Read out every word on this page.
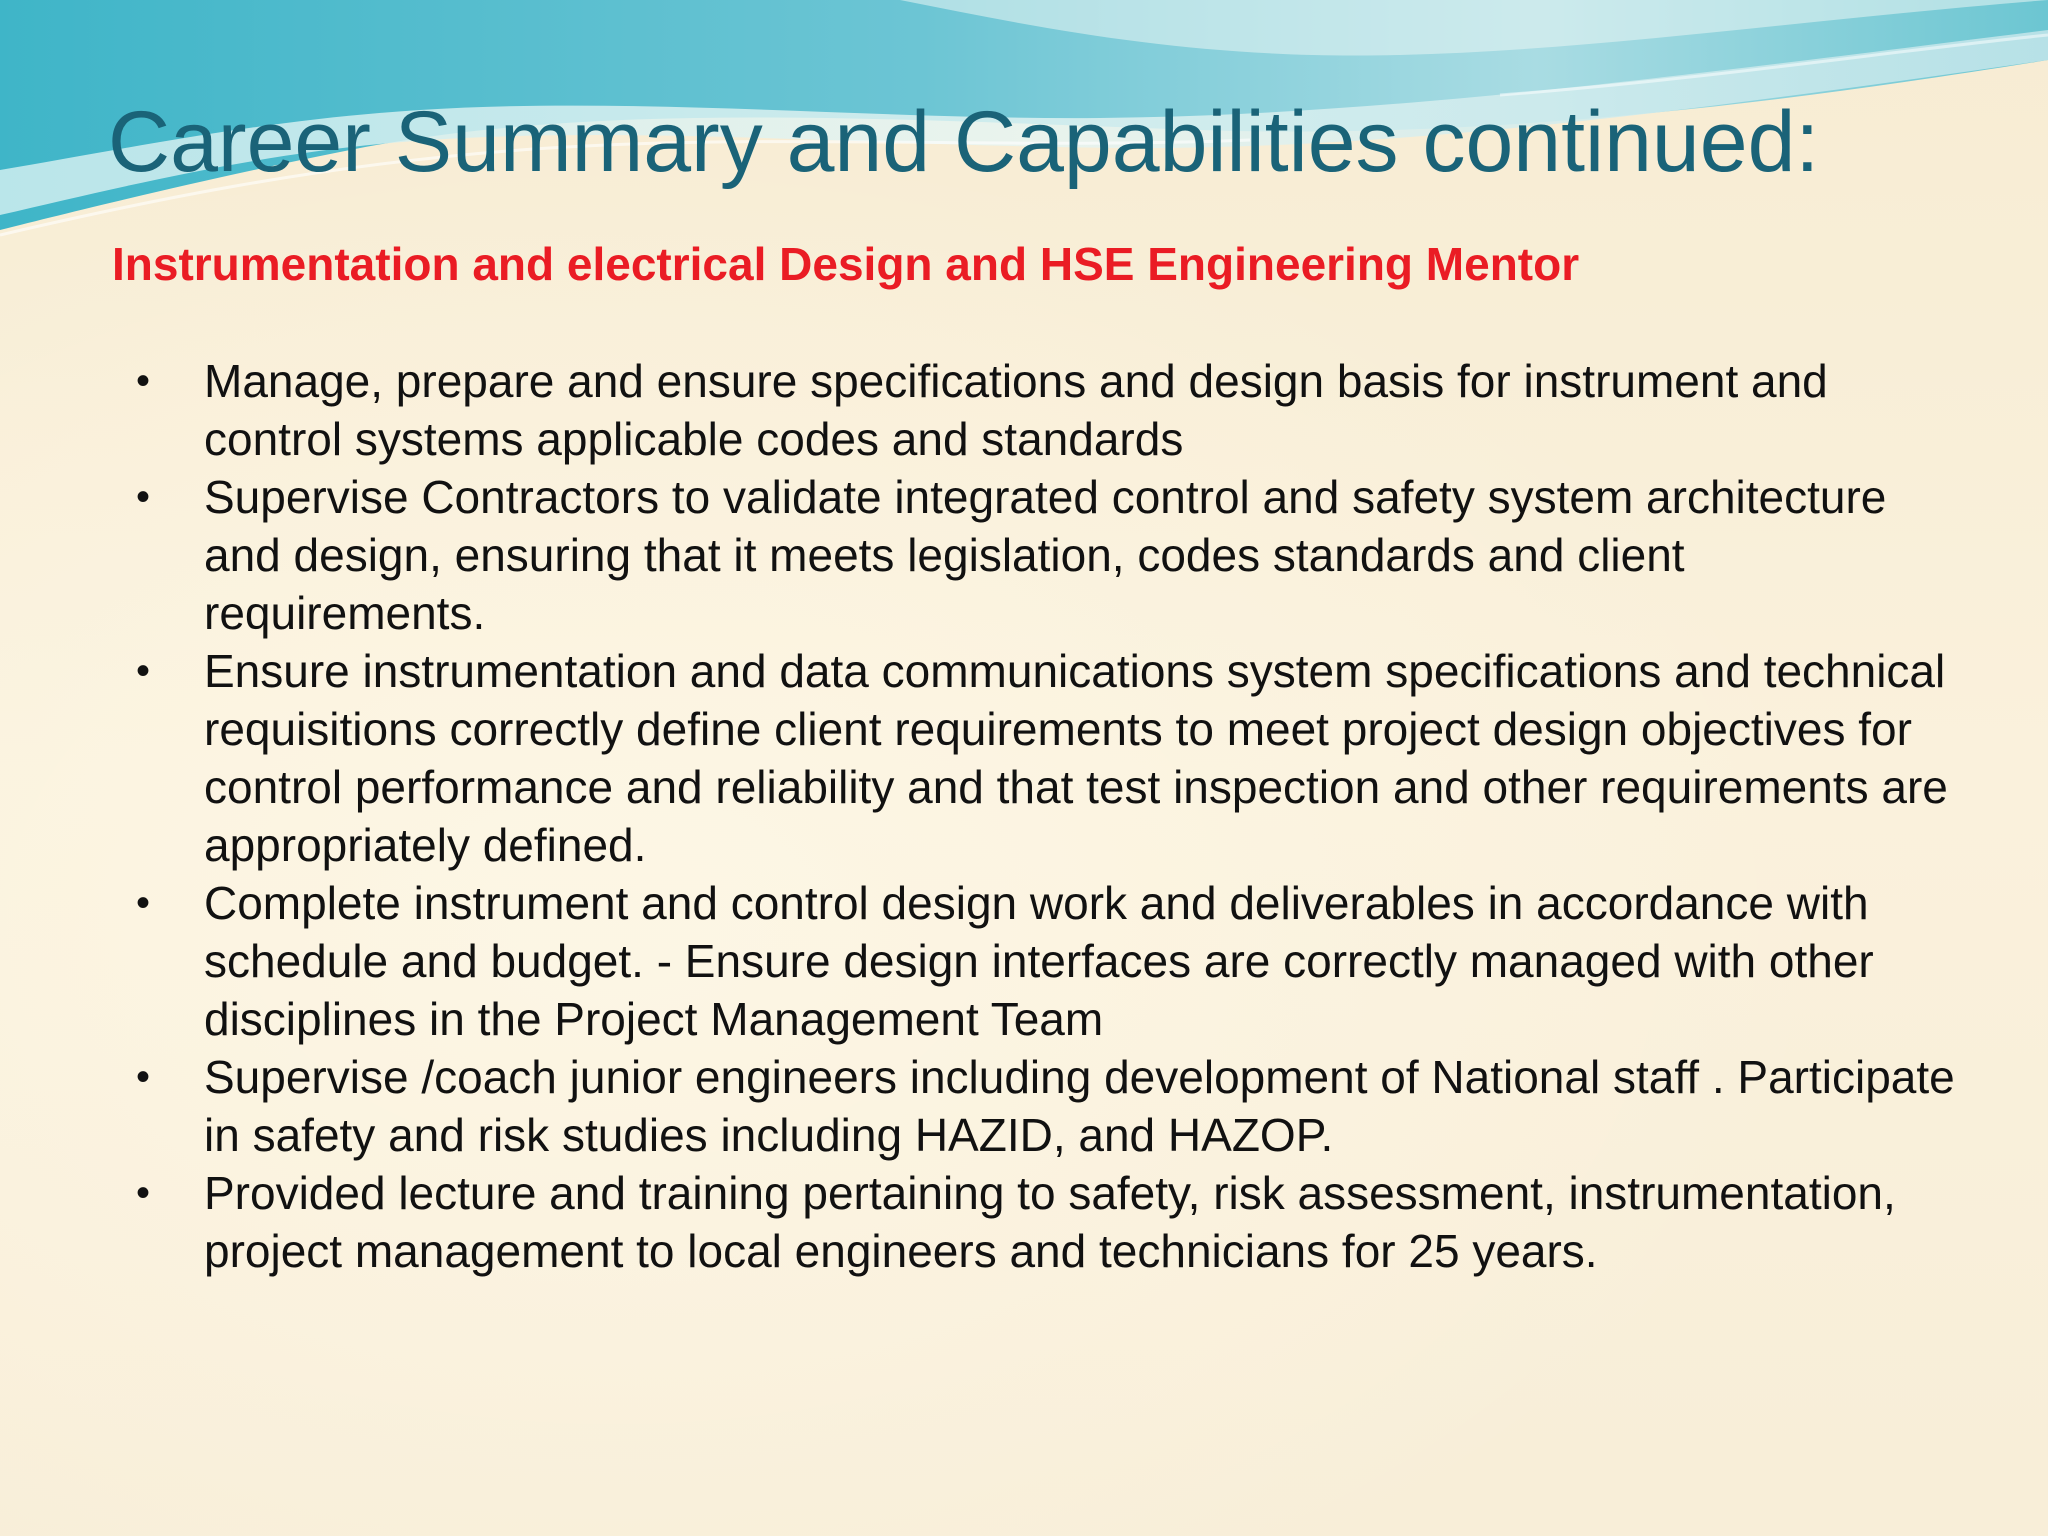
Career Summary and Capabilities continued:
Instrumentation and electrical Design and HSE Engineering Mentor
• Manage, prepare and ensure specifications and design basis for instrument and control systems applicable codes and standards
• Supervise Contractors to validate integrated control and safety system architecture and design, ensuring that it meets legislation, codes standards and client requirements.
• Ensure instrumentation and data communications system specifications and technical requisitions correctly define client requirements to meet project design objectives for control performance and reliability and that test inspection and other requirements are appropriately defined.
• Complete instrument and control design work and deliverables in accordance with schedule and budget. - Ensure design interfaces are correctly managed with other disciplines in the Project Management Team
• Supervise /coach junior engineers including development of National staff . Participate in safety and risk studies including HAZID, and HAZOP.
• Provided lecture and training pertaining to safety, risk assessment, instrumentation, project management to local engineers and technicians for 25 years.
